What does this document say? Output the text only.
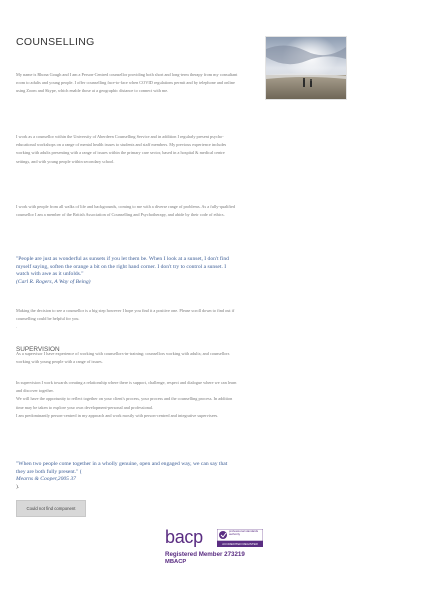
COUNSELLING
My name is Rhona Gough and I am a Person-Centred counsellor providing both short and long-term therapy from my consultant room to adults and young people. I offer counselling face-to-face when COVID regulations permit and by telephone and online using Zoom and Skype, which enable those at a geographic distance to connect with me.
I work as a counsellor within the University of Aberdeen Counselling Service and in addition I regularly present psycho-educational workshops on a range of mental health issues to students and staff members. My previous experience includes working with adults presenting with a range of issues within the primary care sector, based in a hospital & medical centre settings, and with young people within secondary school.
I work with people from all walks of life and backgrounds, coming to me with a diverse range of problems. As a fully-qualified counsellor I am a member of the British Association of Counselling and Psychotherapy, and abide by their code of ethics.
"People are just as wonderful as sunsets if you let them be. When I look at a sunset, I don't find myself saying, soften the orange a bit on the right hand corner. I don't try to control a sunset. I watch with awe as it unfolds."
(Carl R. Rogers, A Way of Being)
Making the decision to see a counsellor is a big step however I hope you find it a positive one. Please scroll down to find out if counselling could be helpful for you.
.
SUPERVISION
As a supervisor I have experience of working with counsellors-in-training; counsellors working with adults; and counsellors working with young people with a range of issues.
In supervision I work towards creating a relationship where there is support, challenge, respect and dialogue where we can learn and discover together.
We will have the opportunity to reflect together on your client's process, your process and the counselling process. In addition time may be taken to explore your own development-personal and professional.
I am predominantly person-centred in my approach and work mostly with person-centred and integrative supervisees.
"When two people come together in a wholly genuine, open and engaged way, we can say that they are both fully present." (
Mearns & Cooper,2005 37
).
Could not find component
bacp	professional standards authority
ACCREDITED REGISTER
Registered Member 273219
MBACP
